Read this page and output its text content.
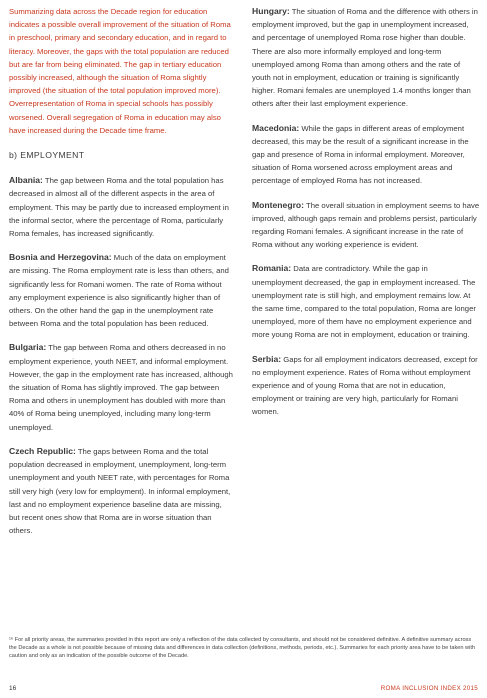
Summarizing data across the Decade region for education indicates a possible overall improvement of the situation of Roma in preschool, primary and secondary education, and in regard to literacy. Moreover, the gaps with the total population are reduced but are far from being eliminated. The gap in tertiary education possibly increased, although the situation of Roma slightly improved (the situation of the total population improved more). Overrepresentation of Roma in special schools has possibly worsened. Overall segregation of Roma in education may also have increased during the Decade time frame.

b) EMPLOYMENT

Albania: The gap between Roma and the total population has decreased in almost all of the different aspects in the area of employment. This may be partly due to increased employment in the informal sector, where the percentage of Roma, particularly Roma females, has increased significantly.

Bosnia and Herzegovina: Much of the data on employment are missing. The Roma employment rate is less than others, and significantly less for Romani women. The rate of Roma without any employment experience is also significantly higher than of others. On the other hand the gap in the unemployment rate between Roma and the total population has been reduced.

Bulgaria: The gap between Roma and others decreased in no employment experience, youth NEET, and informal employment. However, the gap in the employment rate has increased, although the situation of Roma has slightly improved. The gap between Roma and others in unemployment has doubled with more than 40% of Roma being unemployed, including many long-term unemployed.

Czech Republic: The gaps between Roma and the total population decreased in employment, unemployment, long-term unemployment and youth NEET rate, with percentages for Roma still very high (very low for employment). In informal employment, last and no employment experience baseline data are missing, but recent ones show that Roma are in worse situation than others.

Hungary: The situation of Roma and the difference with others in employment improved, but the gap in unemployment increased, and percentage of unemployed Roma rose higher than double. There are also more informally employed and long-term unemployed among Roma than among others and the rate of youth not in employment, education or training is significantly higher. Romani females are unemployed 1.4 months longer than others after their last employment experience.

Macedonia: While the gaps in different areas of employment decreased, this may be the result of a significant increase in the gap and presence of Roma in informal employment. Moreover, situation of Roma worsened across employment areas and percentage of employed Roma has not increased.

Montenegro: The overall situation in employment seems to have improved, although gaps remain and problems persist, particularly regarding Romani females. A significant increase in the rate of Roma without any working experience is evident.

Romania: Data are contradictory. While the gap in unemployment decreased, the gap in employment increased. The unemployment rate is still high, and employment remains low. At the same time, compared to the total population, Roma are longer unemployed, more of them have no employment experience and more young Roma are not in employment, education or training.

Serbia: Gaps for all employment indicators decreased, except for no employment experience. Rates of Roma without employment experience and of young Roma that are not in education, employment or training are very high, particularly for Romani women.

¹⁶ For all priority areas, the summaries provided in this report are only a reflection of the data collected by consultants, and should not be considered definitive. A definitive summary across the Decade as a whole is not possible because of missing data and differences in data collection (definitions, methods, periods, etc.). Summaries for each priority area have to be taken with caution and only as an indication of the possible outcome of the Decade.
16	ROMA INCLUSION INDEX 2015
